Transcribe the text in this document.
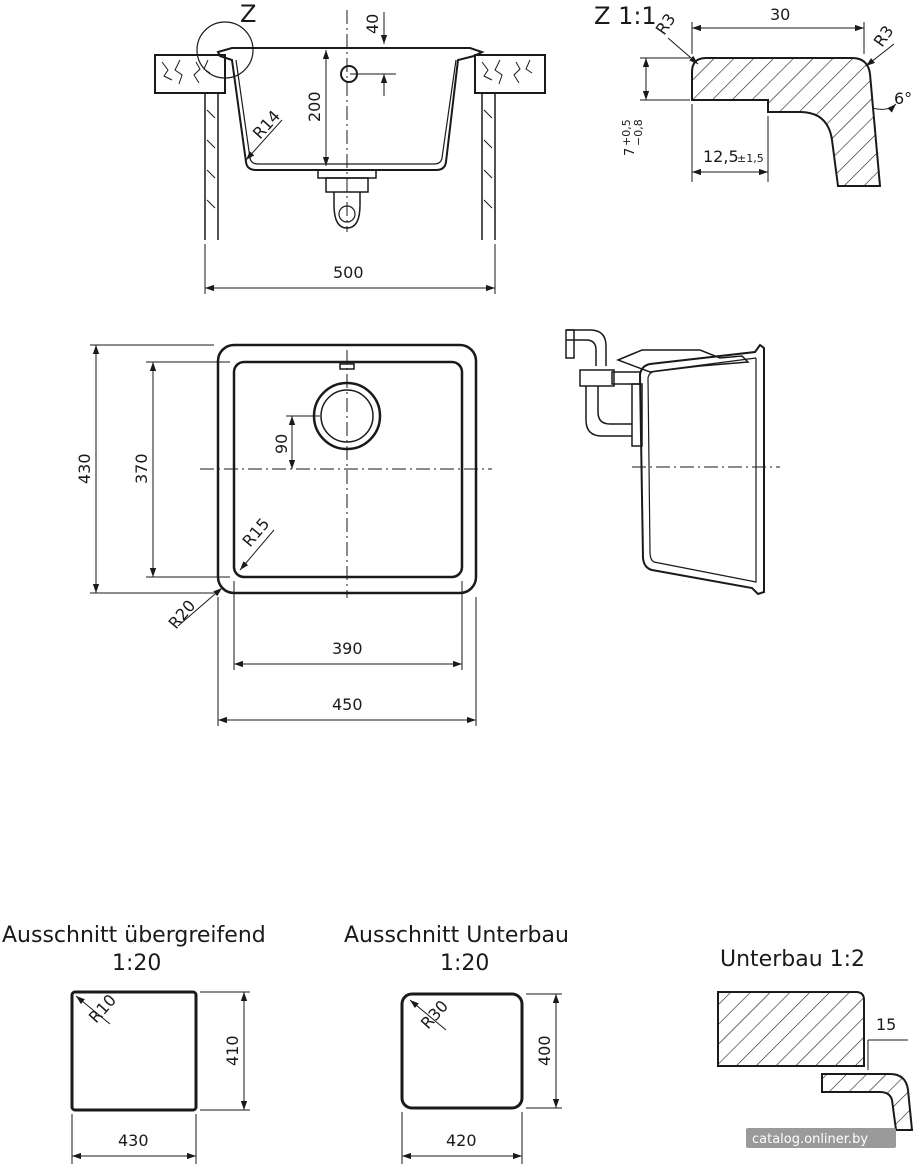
Z	40
200
R14
500
Z 1:1	30
R3	R3
6°
7
+0,5 −0,8
12,5
±1,5
430 370
90
R15
R20
390
450
Ausschnitt übergreifend
1:20
R10
410
430
Ausschnitt Unterbau
1:20
R30
400
420
Unterbau 1:2
15
catalog.onliner.by
